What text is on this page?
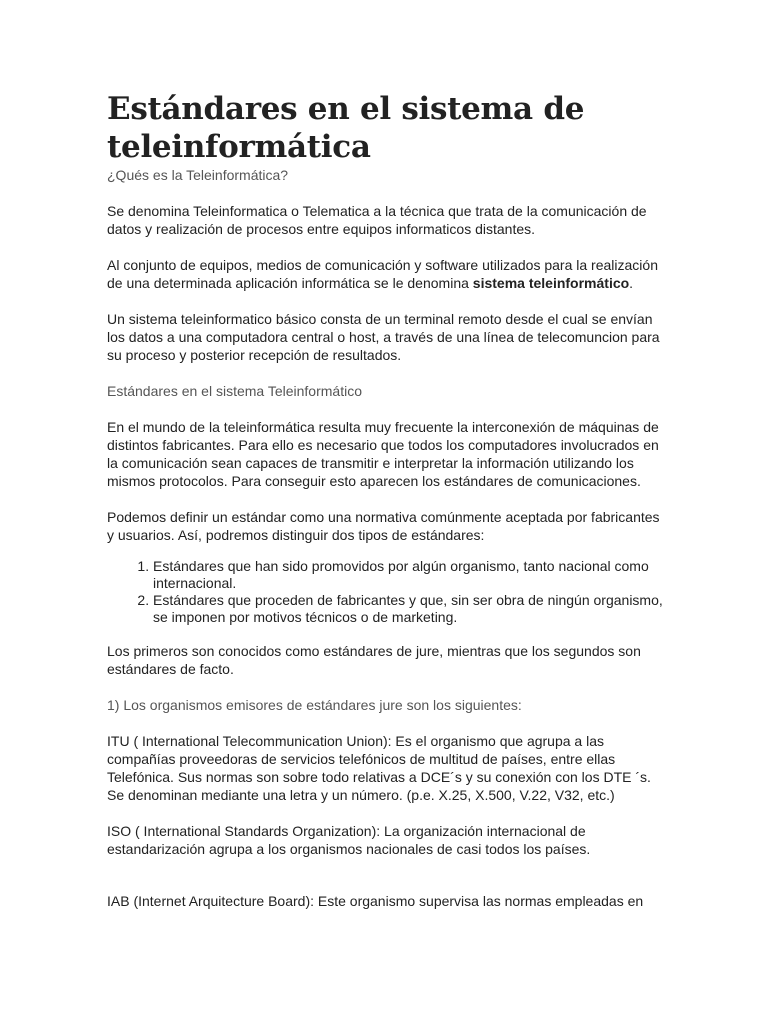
Estándares en el sistema de
teleinformática

¿Qués es la Teleinformática?

Se denomina Teleinformatica o Telematica a la técnica que trata de la comunicación de datos y realización de procesos entre equipos informaticos distantes.

Al conjunto de equipos, medios de comunicación y software utilizados para la realización de una determinada aplicación informática se le denomina sistema teleinformático.

Un sistema teleinformatico básico consta de un terminal remoto desde el cual se envían los datos a una computadora central o host, a través de una línea de telecomuncion para su proceso y posterior recepción de resultados.

Estándares en el sistema Teleinformático

En el mundo de la teleinformática resulta muy frecuente la interconexión de máquinas de distintos fabricantes. Para ello es necesario que todos los computadores involucrados en la comunicación sean capaces de transmitir e interpretar la información utilizando los mismos protocolos. Para conseguir esto aparecen los estándares de comunicaciones.

Podemos definir un estándar como una normativa comúnmente aceptada por fabricantes y usuarios. Así, podremos distinguir dos tipos de estándares:

1. Estándares que han sido promovidos por algún organismo, tanto nacional como internacional.
2. Estándares que proceden de fabricantes y que, sin ser obra de ningún organismo, se imponen por motivos técnicos o de marketing.

Los primeros son conocidos como estándares de jure, mientras que los segundos son estándares de facto.

1) Los organismos emisores de estándares jure son los siguientes:

ITU ( International Telecommunication Union): Es el organismo que agrupa a las compañías proveedoras de servicios telefónicos de multitud de países, entre ellas Telefónica. Sus normas son sobre todo relativas a DCE´s y su conexión con los DTE ´s. Se denominan mediante una letra y un número. (p.e. X.25, X.500, V.22, V32, etc.)

ISO ( International Standards Organization): La organización internacional de estandarización agrupa a los organismos nacionales de casi todos los países.

IAB (Internet Arquitecture Board): Este organismo supervisa las normas empleadas en
